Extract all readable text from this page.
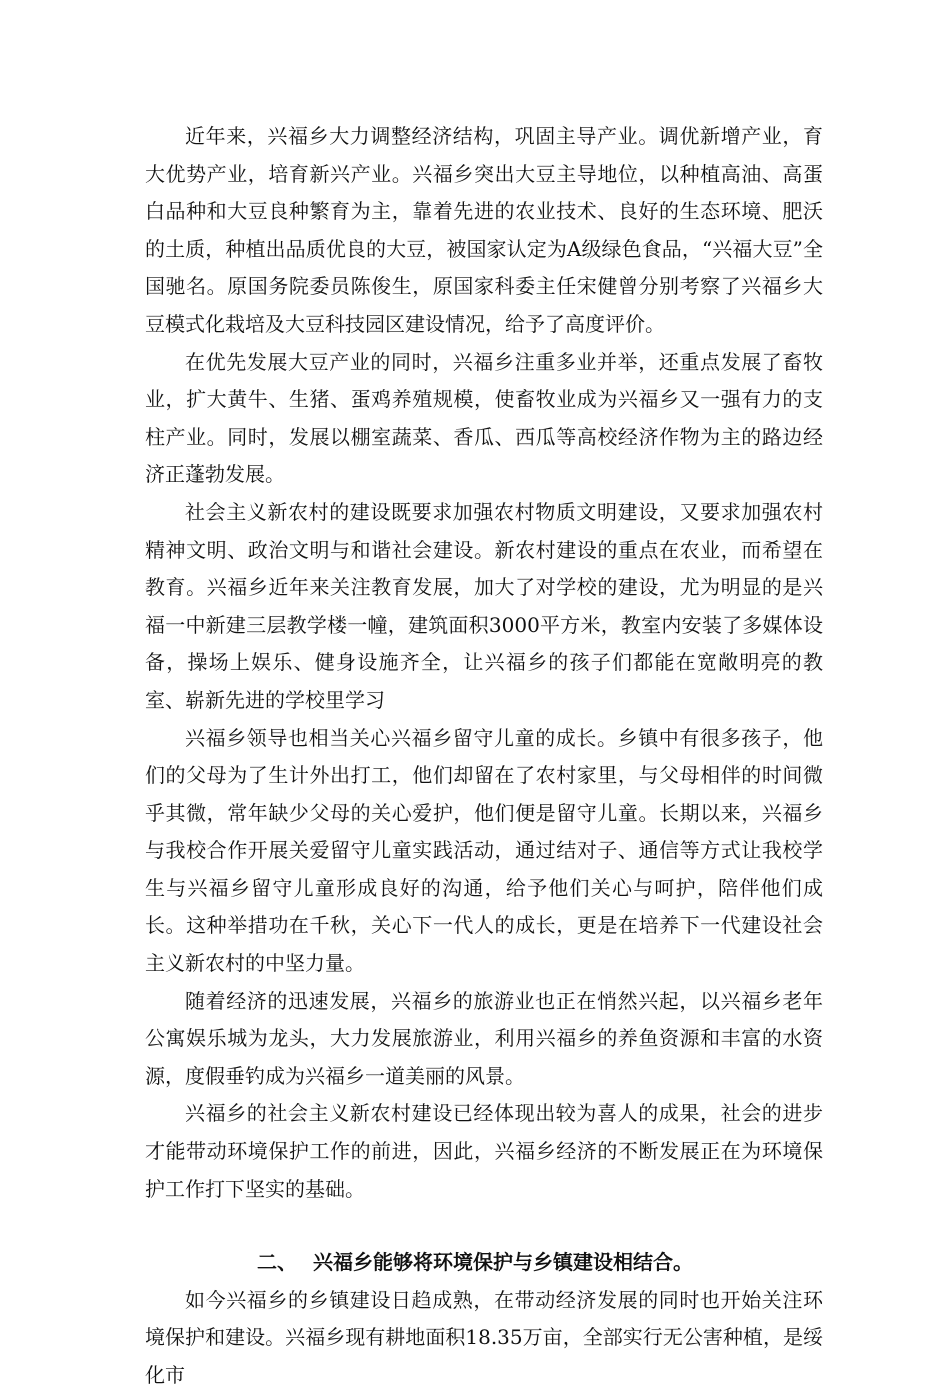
近年来，兴福乡大力调整经济结构，巩固主导产业。调优新增产业，育大优势产业，培育新兴产业。兴福乡突出大豆主导地位，以种植高油、高蛋白品种和大豆良种繁育为主，靠着先进的农业技术、良好的生态环境、肥沃的土质，种植出品质优良的大豆，被国家认定为A级绿色食品，“兴福大豆”全国驰名。原国务院委员陈俊生，原国家科委主任宋健曾分别考察了兴福乡大豆模式化栽培及大豆科技园区建设情况，给予了高度评价。

在优先发展大豆产业的同时，兴福乡注重多业并举，还重点发展了畜牧业，扩大黄牛、生猪、蛋鸡养殖规模，使畜牧业成为兴福乡又一强有力的支柱产业。同时，发展以棚室蔬菜、香瓜、西瓜等高校经济作物为主的路边经济正蓬勃发展。

社会主义新农村的建设既要求加强农村物质文明建设，又要求加强农村精神文明、政治文明与和谐社会建设。新农村建设的重点在农业，而希望在教育。兴福乡近年来关注教育发展，加大了对学校的建设，尤为明显的是兴福一中新建三层教学楼一幢，建筑面积3000平方米，教室内安装了多媒体设备，操场上娱乐、健身设施齐全，让兴福乡的孩子们都能在宽敞明亮的教室、崭新先进的学校里学习

兴福乡领导也相当关心兴福乡留守儿童的成长。乡镇中有很多孩子，他们的父母为了生计外出打工，他们却留在了农村家里，与父母相伴的时间微乎其微，常年缺少父母的关心爱护，他们便是留守儿童。长期以来，兴福乡与我校合作开展关爱留守儿童实践活动，通过结对子、通信等方式让我校学生与兴福乡留守儿童形成良好的沟通，给予他们关心与呵护，陪伴他们成长。这种举措功在千秋，关心下一代人的成长，更是在培养下一代建设社会主义新农村的中坚力量。

随着经济的迅速发展，兴福乡的旅游业也正在悄然兴起，以兴福乡老年公寓娱乐城为龙头，大力发展旅游业，利用兴福乡的养鱼资源和丰富的水资源，度假垂钓成为兴福乡一道美丽的风景。

兴福乡的社会主义新农村建设已经体现出较为喜人的成果，社会的进步才能带动环境保护工作的前进，因此，兴福乡经济的不断发展正在为环境保护工作打下坚实的基础。

二、 兴福乡能够将环境保护与乡镇建设相结合。

如今兴福乡的乡镇建设日趋成熟，在带动经济发展的同时也开始关注环境保护和建设。兴福乡现有耕地面积18.35万亩，全部实行无公害种植，是绥化市
